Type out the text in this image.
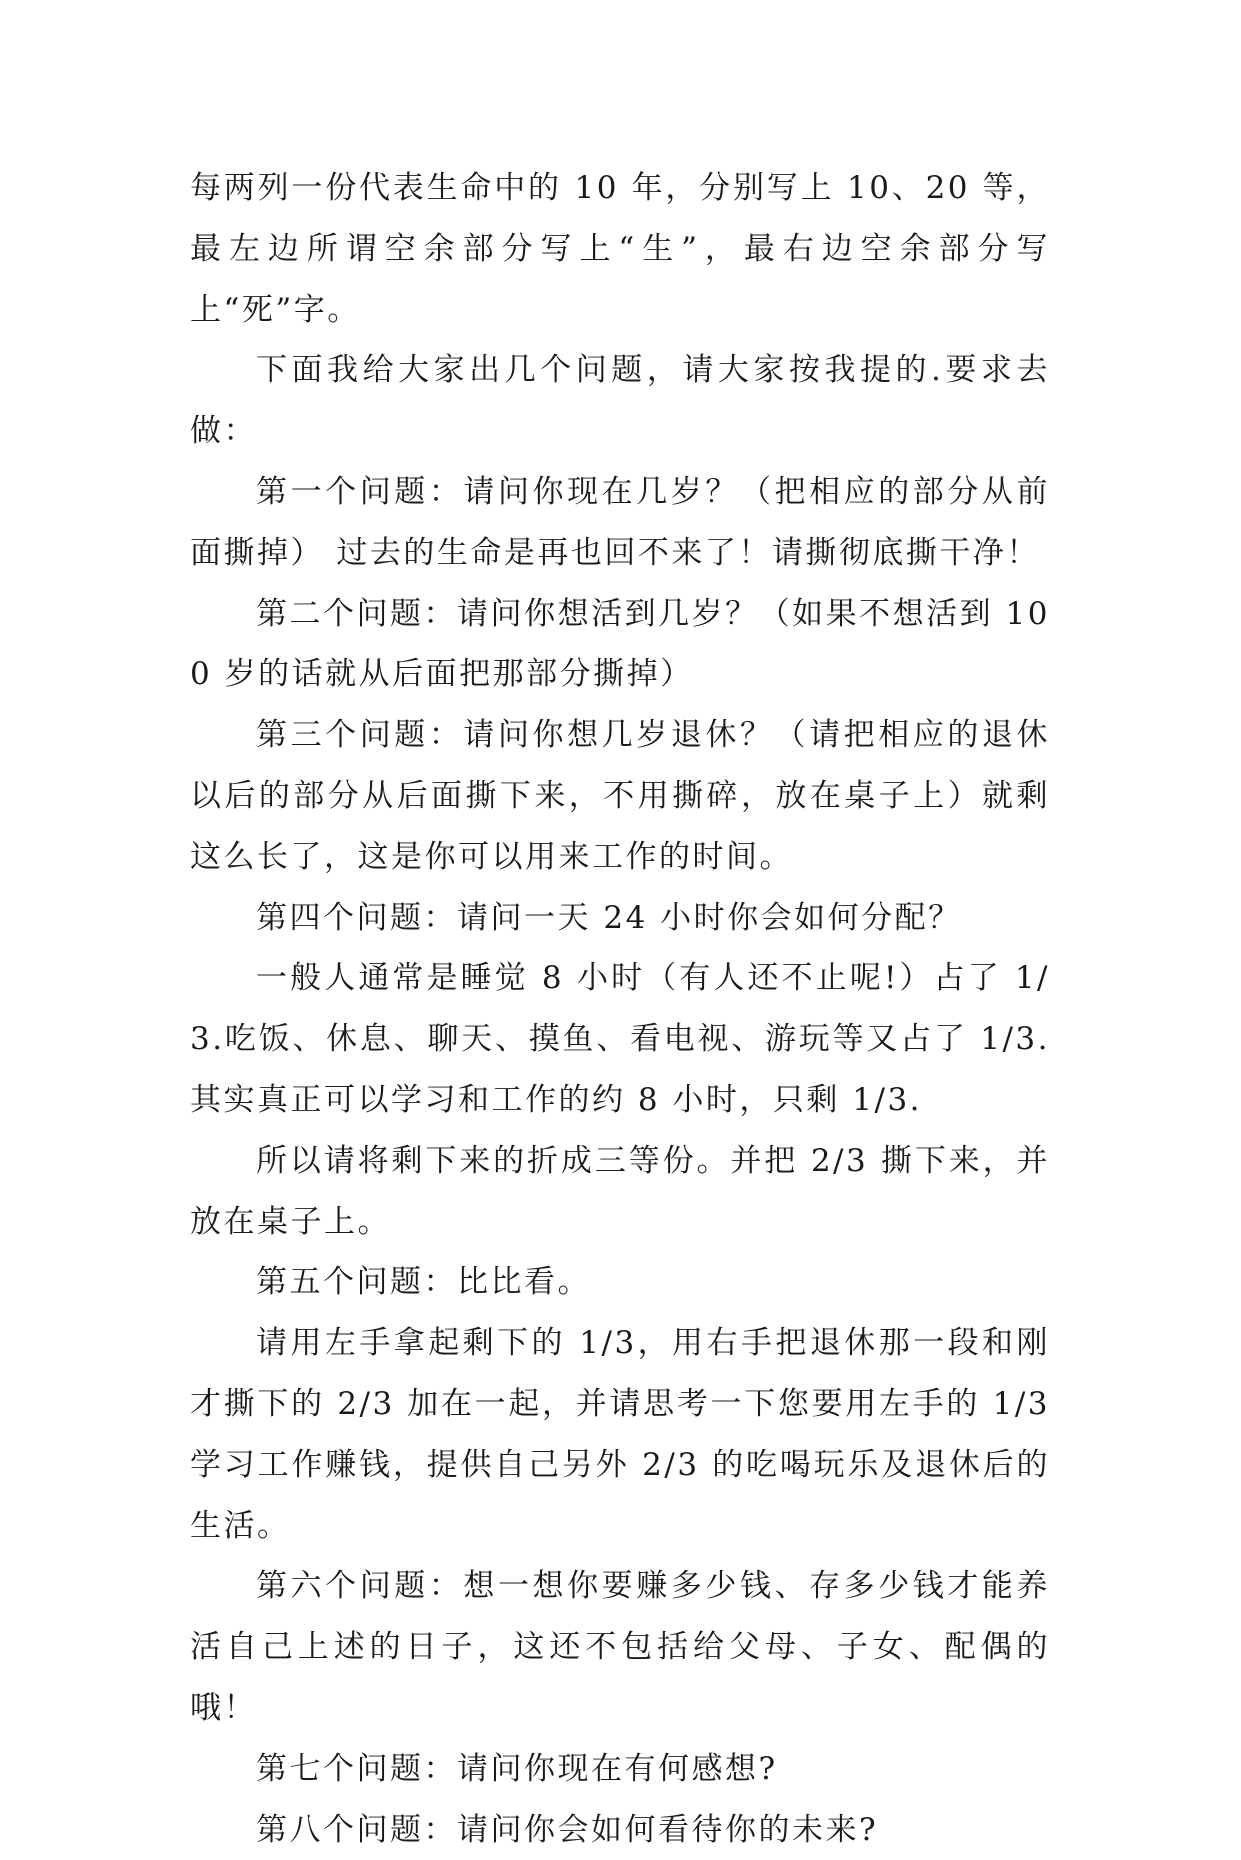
每两列一份代表生命中的 10 年，分别写上 10、20 等，最左边所谓空余部分写上“生”，最右边空余部分写上“死”字。

下面我给大家出几个问题，请大家按我提的.要求去做：

第一个问题：请问你现在几岁？（把相应的部分从前面撕掉） 过去的生命是再也回不来了！请撕彻底撕干净！

第二个问题：请问你想活到几岁？（如果不想活到 100 岁的话就从后面把那部分撕掉）

第三个问题：请问你想几岁退休？（请把相应的退休以后的部分从后面撕下来，不用撕碎，放在桌子上）就剩这么长了，这是你可以用来工作的时间。

第四个问题：请问一天 24 小时你会如何分配？

一般人通常是睡觉 8 小时（有人还不止呢!）占了 1/3.吃饭、休息、聊天、摸鱼、看电视、游玩等又占了 1/3.其实真正可以学习和工作的约 8 小时，只剩 1/3.

所以请将剩下来的折成三等份。并把 2/3 撕下来，并放在桌子上。

第五个问题：比比看。

请用左手拿起剩下的 1/3，用右手把退休那一段和刚才撕下的 2/3 加在一起，并请思考一下您要用左手的 1/3 学习工作赚钱，提供自己另外 2/3 的吃喝玩乐及退休后的生活。

第六个问题：想一想你要赚多少钱、存多少钱才能养活自己上述的日子，这还不包括给父母、子女、配偶的哦！

第七个问题：请问你现在有何感想?

第八个问题：请问你会如何看待你的未来?
